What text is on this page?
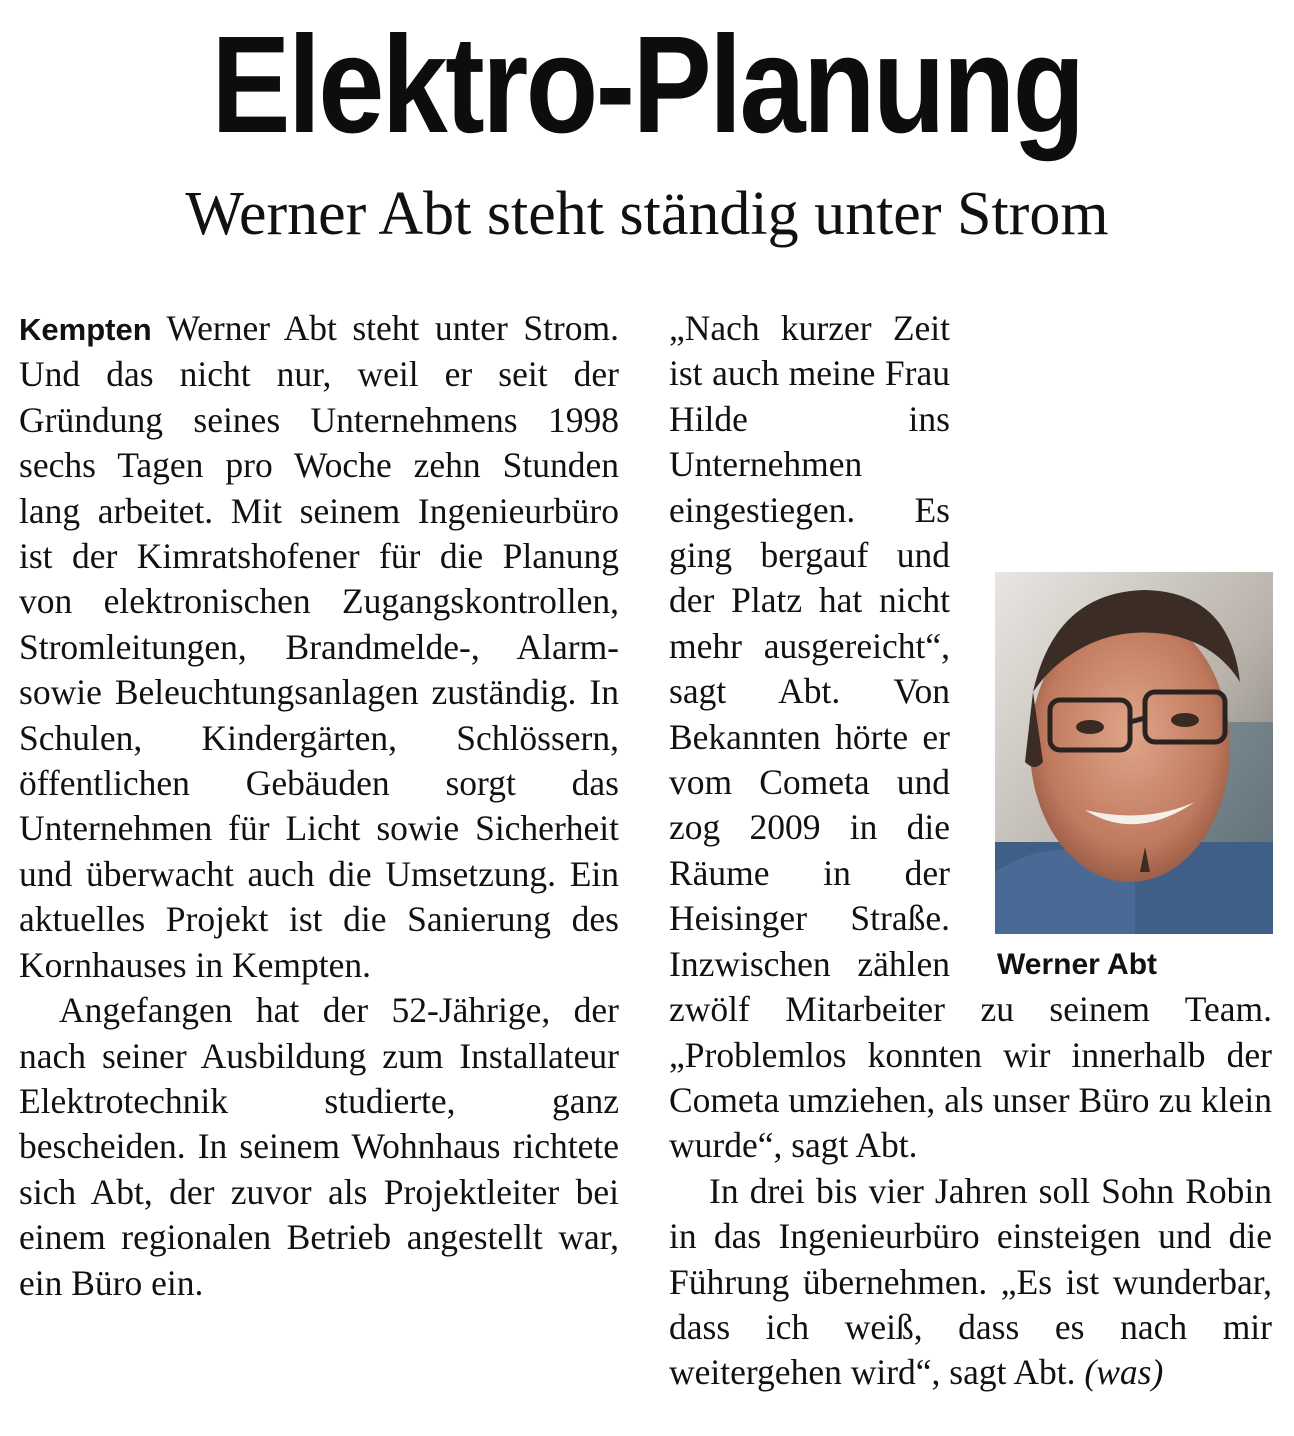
Elektro-Planung
Werner Abt steht ständig unter Strom

Kempten Werner Abt steht unter Strom. Und das nicht nur, weil er seit der Gründung seines Unternehmens 1998 sechs Tagen pro Woche zehn Stunden lang arbeitet. Mit seinem Ingenieurbüro ist der Kimratshofener für die Planung von elektronischen Zugangskontrollen, Stromleitungen, Brandmelde-, Alarm- sowie Beleuchtungsanlagen zuständig. In Schulen, Kindergärten, Schlössern, öffentlichen Gebäuden sorgt das Unternehmen für Licht sowie Sicherheit und überwacht auch die Umsetzung. Ein aktuelles Projekt ist die Sanierung des Kornhauses in Kempten.

Angefangen hat der 52-Jährige, der nach seiner Ausbildung zum Installateur Elektrotechnik studierte, ganz bescheiden. In seinem Wohnhaus richtete sich Abt, der zuvor als Projektleiter bei einem regionalen Betrieb angestellt war, ein Büro ein.

„Nach kurzer Zeit ist auch meine Frau Hilde ins Unternehmen eingestiegen. Es ging bergauf und der Platz hat nicht mehr ausgereicht“, sagt Abt. Von Bekannten hörte er vom Cometa und zog 2009 in die Räume in der Heisinger Straße. Inzwischen zählen zwölf Mitarbeiter zu seinem Team. „Problemlos konnten wir innerhalb der Cometa umziehen, als unser Büro zu klein wurde“, sagt Abt.

In drei bis vier Jahren soll Sohn Robin in das Ingenieurbüro einsteigen und die Führung übernehmen. „Es ist wunderbar, dass ich weiß, dass es nach mir weitergehen wird“, sagt Abt. (was)

Werner Abt
